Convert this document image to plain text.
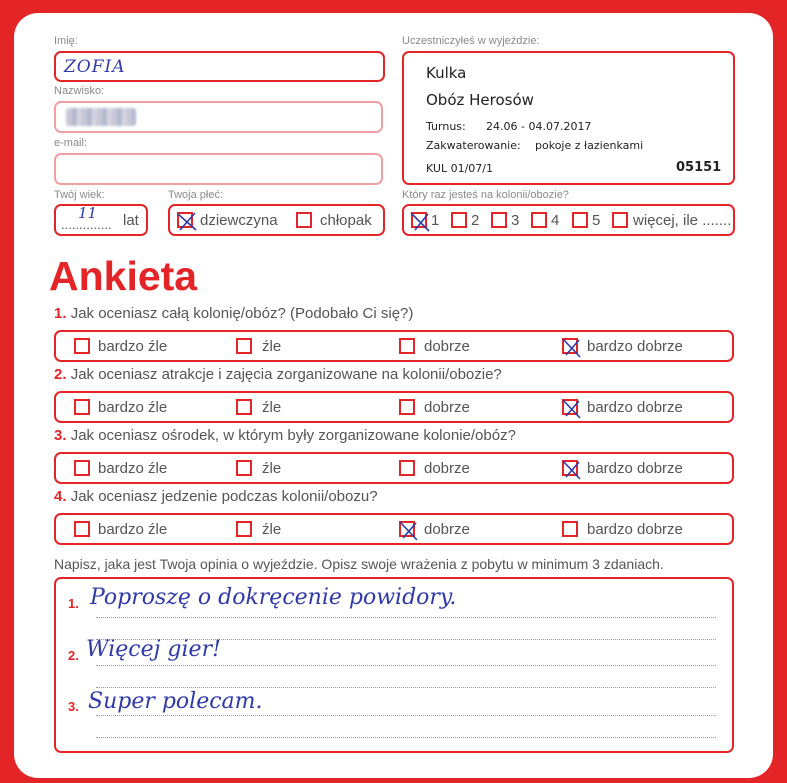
Imię:
ZOFIA
Nazwisko:
e-mail:
Twój wiek:
..............
11 lat
Twoja płeć:
dziewczyna	chłopak
Uczestniczyłeś w wyjeździe:
Kulka
Obóz Herosów
Turnus: 24.06 - 04.07.2017
Zakwaterowanie: pokoje z łazienkami
KUL 01/07/1	05151
Który raz jesteś na kolonii/obozie?
1 2 3 4 5 więcej, ile .......
Ankieta
1. Jak oceniasz całą kolonię/obóz? (Podobało Ci się?)
bardzo źle	źle	dobrze	bardzo dobrze
2. Jak oceniasz atrakcje i zajęcia zorganizowane na kolonii/obozie?
bardzo źle	źle	dobrze	bardzo dobrze
3. Jak oceniasz ośrodek, w którym były zorganizowane kolonie/obóz?
bardzo źle	źle	dobrze	bardzo dobrze
4. Jak oceniasz jedzenie podczas kolonii/obozu?
bardzo źle	źle	dobrze	bardzo dobrze
Napisz, jaka jest Twoja opinia o wyjeździe. Opisz swoje wrażenia z pobytu w minimum 3 zdaniach.
1. Poproszę o dokręcenie powidory.
2. Więcej gier!
3. Super polecam.
